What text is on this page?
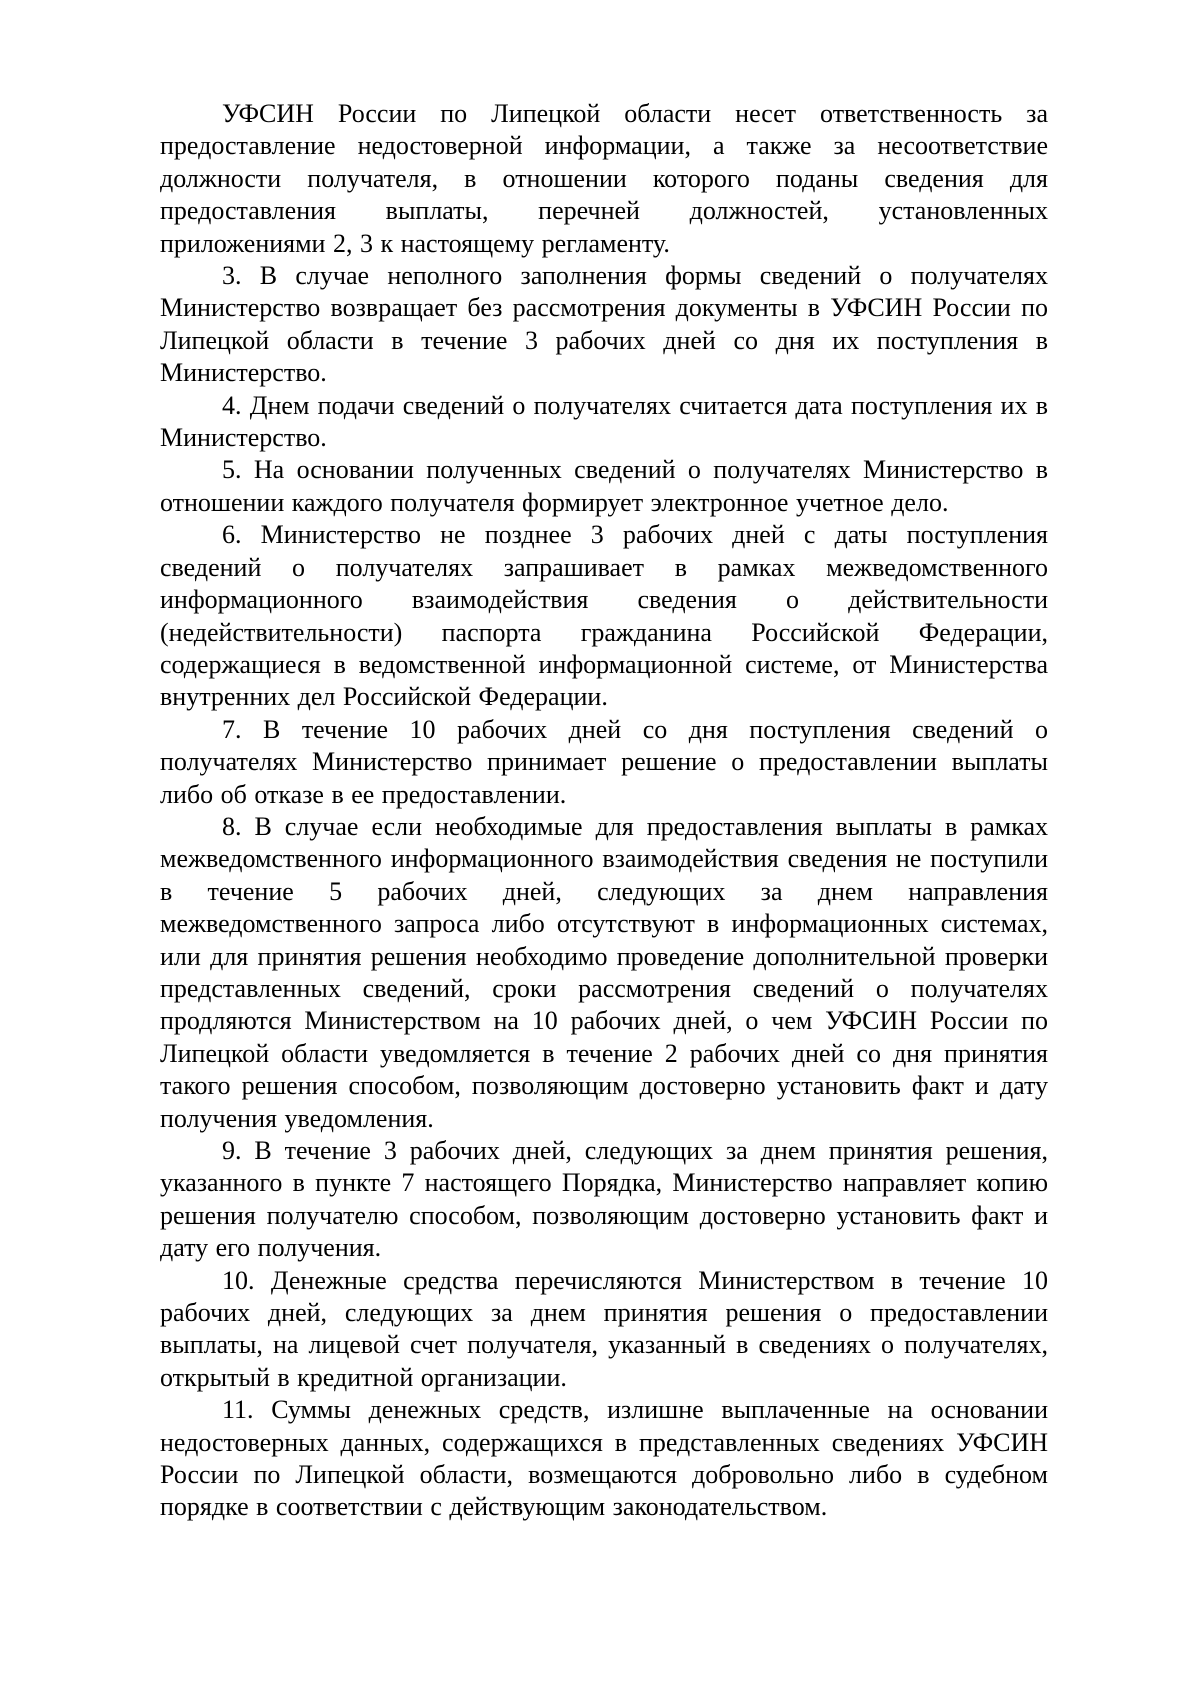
УФСИН России по Липецкой области несет ответственность за предоставление недостоверной информации, а также за несоответствие должности получателя, в отношении которого поданы сведения для предоставления выплаты, перечней должностей, установленных приложениями 2, 3 к настоящему регламенту.

3. В случае неполного заполнения формы сведений о получателях Министерство возвращает без рассмотрения документы в УФСИН России по Липецкой области в течение 3 рабочих дней со дня их поступления в Министерство.

4. Днем подачи сведений о получателях считается дата поступления их в Министерство.

5. На основании полученных сведений о получателях Министерство в отношении каждого получателя формирует электронное учетное дело.

6. Министерство не позднее 3 рабочих дней с даты поступления сведений о получателях запрашивает в рамках межведомственного информационного взаимодействия сведения о действительности (недействительности) паспорта гражданина Российской Федерации, содержащиеся в ведомственной информационной системе, от Министерства внутренних дел Российской Федерации.

7. В течение 10 рабочих дней со дня поступления сведений о получателях Министерство принимает решение о предоставлении выплаты либо об отказе в ее предоставлении.

8. В случае если необходимые для предоставления выплаты в рамках межведомственного информационного взаимодействия сведения не поступили в течение 5 рабочих дней, следующих за днем направления межведомственного запроса либо отсутствуют в информационных системах, или для принятия решения необходимо проведение дополнительной проверки представленных сведений, сроки рассмотрения сведений о получателях продляются Министерством на 10 рабочих дней, о чем УФСИН России по Липецкой области уведомляется в течение 2 рабочих дней со дня принятия такого решения способом, позволяющим достоверно установить факт и дату получения уведомления.

9. В течение 3 рабочих дней, следующих за днем принятия решения, указанного в пункте 7 настоящего Порядка, Министерство направляет копию решения получателю способом, позволяющим достоверно установить факт и дату его получения.

10. Денежные средства перечисляются Министерством в течение 10 рабочих дней, следующих за днем принятия решения о предоставлении выплаты, на лицевой счет получателя, указанный в сведениях о получателях, открытый в кредитной организации.

11. Суммы денежных средств, излишне выплаченные на основании недостоверных данных, содержащихся в представленных сведениях УФСИН России по Липецкой области, возмещаются добровольно либо в судебном порядке в соответствии с действующим законодательством.
